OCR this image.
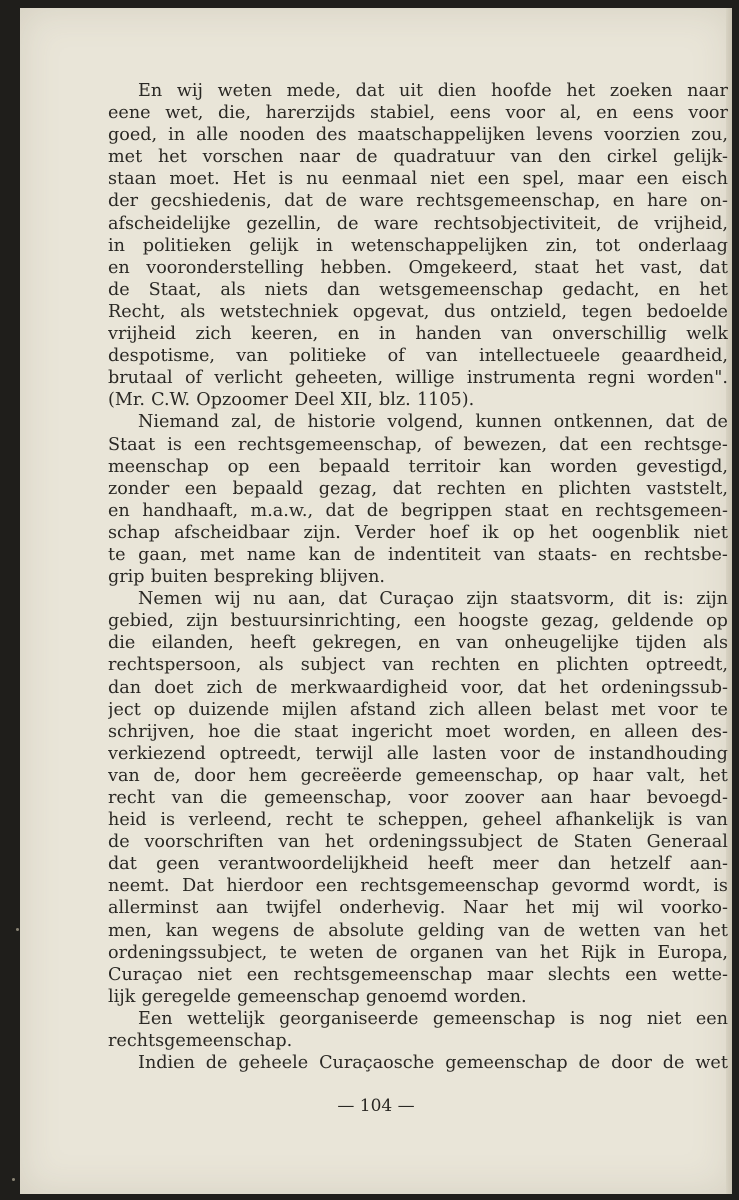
En wij weten mede, dat uit dien hoofde het zoeken naar
eene wet, die, harerzijds stabiel, eens voor al, en eens voor
goed, in alle nooden des maatschappelijken levens voorzien zou,
met het vorschen naar de quadratuur van den cirkel gelijk-
staan moet. Het is nu eenmaal niet een spel, maar een eisch
der gecshiedenis, dat de ware rechtsgemeenschap, en hare on-
afscheidelijke gezellin, de ware rechtsobjectiviteit, de vrijheid,
in politieken gelijk in wetenschappelijken zin, tot onderlaag
en vooronderstelling hebben. Omgekeerd, staat het vast, dat
de Staat, als niets dan wetsgemeenschap gedacht, en het
Recht, als wetstechniek opgevat, dus ontzield, tegen bedoelde
vrijheid zich keeren, en in handen van onverschillig welk
despotisme, van politieke of van intellectueele geaardheid,
brutaal of verlicht geheeten, willige instrumenta regni worden".
(Mr. C.W. Opzoomer Deel XII, blz. 1105).
Niemand zal, de historie volgend, kunnen ontkennen, dat de
Staat is een rechtsgemeenschap, of bewezen, dat een rechtsge-
meenschap op een bepaald territoir kan worden gevestigd,
zonder een bepaald gezag, dat rechten en plichten vaststelt,
en handhaaft, m.a.w., dat de begrippen staat en rechtsgemeen-
schap afscheidbaar zijn. Verder hoef ik op het oogenblik niet
te gaan, met name kan de indentiteit van staats- en rechtsbe-
grip buiten bespreking blijven.
Nemen wij nu aan, dat Curaçao zijn staatsvorm, dit is: zijn
gebied, zijn bestuursinrichting, een hoogste gezag, geldende op
die eilanden, heeft gekregen, en van onheugelijke tijden als
rechtspersoon, als subject van rechten en plichten optreedt,
dan doet zich de merkwaardigheid voor, dat het ordeningssub-
ject op duizende mijlen afstand zich alleen belast met voor te
schrijven, hoe die staat ingericht moet worden, en alleen des-
verkiezend optreedt, terwijl alle lasten voor de instandhouding
van de, door hem gecreëerde gemeenschap, op haar valt, het
recht van die gemeenschap, voor zoover aan haar bevoegd-
heid is verleend, recht te scheppen, geheel afhankelijk is van
de voorschriften van het ordeningssubject de Staten Generaal
dat geen verantwoordelijkheid heeft meer dan hetzelf aan-
neemt. Dat hierdoor een rechtsgemeenschap gevormd wordt, is
allerminst aan twijfel onderhevig. Naar het mij wil voorko-
men, kan wegens de absolute gelding van de wetten van het
ordeningssubject, te weten de organen van het Rijk in Europa,
Curaçao niet een rechtsgemeenschap maar slechts een wette-
lijk geregelde gemeenschap genoemd worden.
Een wettelijk georganiseerde gemeenschap is nog niet een
rechtsgemeenschap.
Indien de geheele Curaçaosche gemeenschap de door de wet
— 104 —
